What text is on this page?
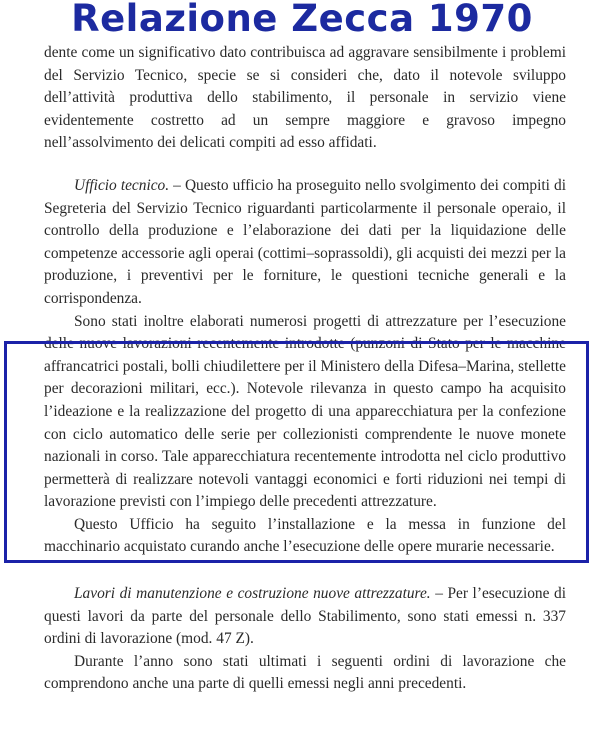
Relazione Zecca 1970

dente come un significativo dato contribuisca ad aggravare sensibilmente i problemi del Servizio Tecnico, specie se si consideri che, dato il notevole sviluppo dell’attività produttiva dello stabilimento, il personale in servizio viene evidentemente costretto ad un sempre maggiore e gravoso impegno nell’assolvimento dei delicati compiti ad esso affidati.

Ufficio tecnico. – Questo ufficio ha proseguito nello svolgimento dei compiti di Segreteria del Servizio Tecnico riguardanti particolarmente il personale operaio, il controllo della produzione e l’elaborazione dei dati per la liquidazione delle competenze accessorie agli operai (cottimi–soprassoldi), gli acquisti dei mezzi per la produzione, i preventivi per le forniture, le questioni tecniche generali e la corrispondenza.

Sono stati inoltre elaborati numerosi progetti di attrezzature per l’esecuzione delle nuove lavorazioni recentemente introdotte (punzoni di Stato per le macchine affrancatrici postali, bolli chiudilettere per il Ministero della Difesa–Marina, stellette per decorazioni militari, ecc.). Notevole rilevanza in questo campo ha acquisito l’ideazione e la realizzazione del progetto di una apparecchiatura per la confezione con ciclo automatico delle serie per collezionisti comprendente le nuove monete nazionali in corso. Tale apparecchiatura recentemente introdotta nel ciclo produttivo permetterà di realizzare notevoli vantaggi economici e forti riduzioni nei tempi di lavorazione previsti con l’impiego delle precedenti attrezzature.

Questo Ufficio ha seguito l’installazione e la messa in funzione del macchinario acquistato curando anche l’esecuzione delle opere murarie necessarie.

Lavori di manutenzione e costruzione nuove attrezzature. – Per l’esecuzione di questi lavori da parte del personale dello Stabilimento, sono stati emessi n. 337 ordini di lavorazione (mod. 47 Z).

Durante l’anno sono stati ultimati i seguenti ordini di lavorazione che comprendono anche una parte di quelli emessi negli anni precedenti.
